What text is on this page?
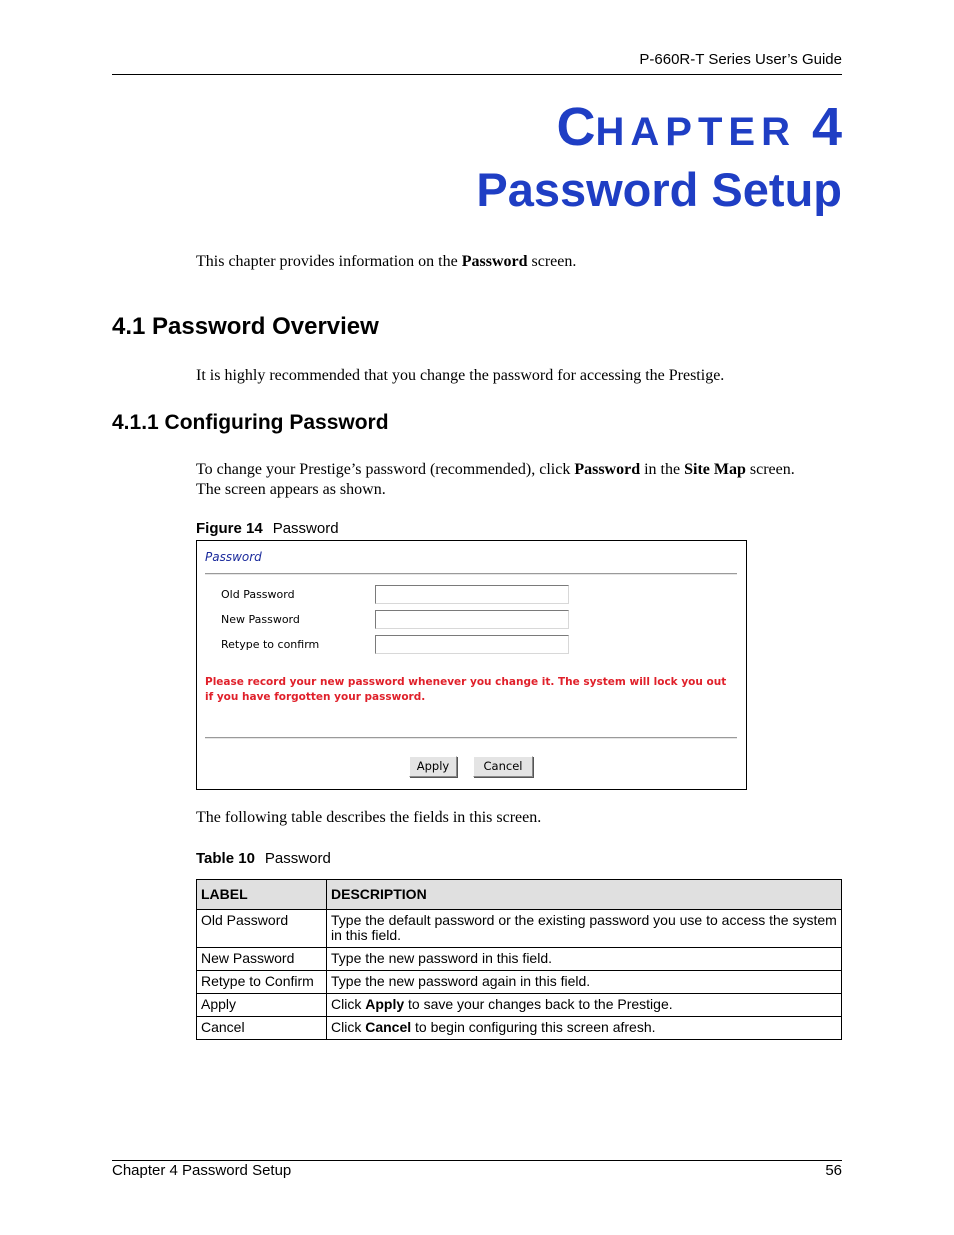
P-660R-T Series User’s Guide
CHAPTER 4
Password Setup
This chapter provides information on the Password screen.
4.1 Password Overview
It is highly recommended that you change the password for accessing the Prestige.
4.1.1 Configuring Password
To change your Prestige’s password (recommended), click Password in the Site Map screen.
The screen appears as shown.
Figure 14 Password
Password
Old Password
New Password
Retype to confirm
Please record your new password whenever you change it. The system will lock you out if you have forgotten your password.
Apply	Cancel
The following table describes the fields in this screen.
Table 10 Password
LABEL	DESCRIPTION
Old Password	Type the default password or the existing password you use to access the system in this field.
New Password	Type the new password in this field.
Retype to Confirm	Type the new password again in this field.
Apply	Click Apply to save your changes back to the Prestige.
Cancel	Click Cancel to begin configuring this screen afresh.
Chapter 4 Password Setup	56
